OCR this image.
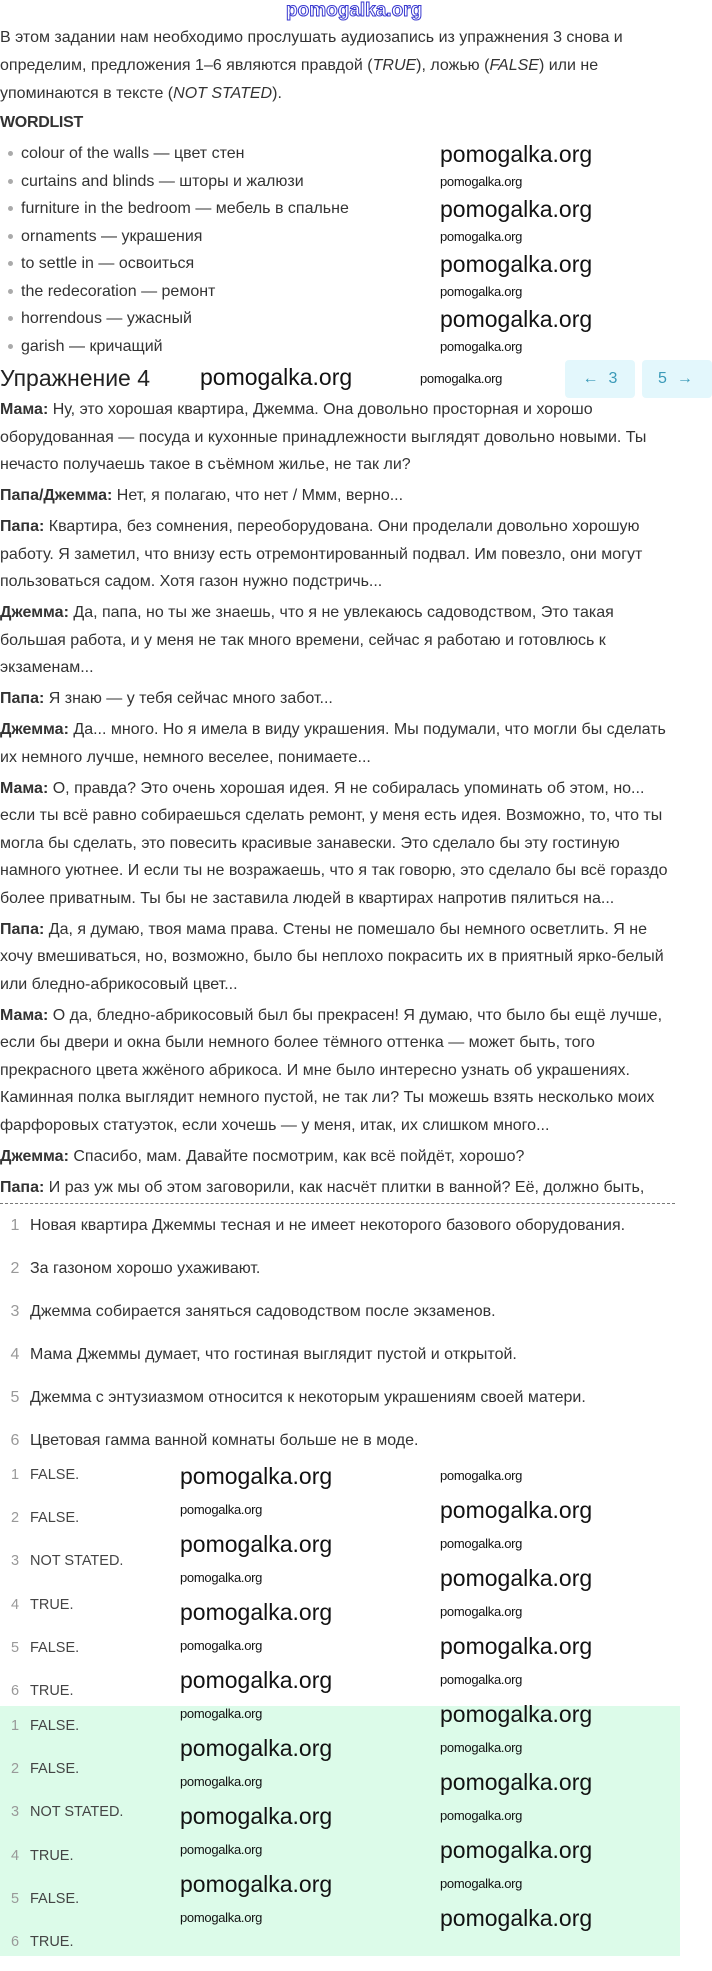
В этом задании нам необходимо прослушать аудиозапись из упражнения 3 снова и определим, предложения 1–6 являются правдой (TRUE), ложью (FALSE) или не упоминаются в тексте (NOT STATED).
WORDLIST
colour of the walls — цвет стен
curtains and blinds — шторы и жалюзи
furniture in the bedroom — мебель в спальне
ornaments — украшения
to settle in — освоиться
the redecoration — ремонт
horrendous — ужасный
garish — кричащий
Упражнение 4	← 3	5 →

Мама: Ну, это хорошая квартира, Джемма. Она довольно просторная и хорошо оборудованная — посуда и кухонные принадлежности выглядят довольно новыми. Ты нечасто получаешь такое в съёмном жилье, не так ли?

Папа/Джемма: Нет, я полагаю, что нет / Ммм, верно...

Папа: Квартира, без сомнения, переоборудована. Они проделали довольно хорошую работу. Я заметил, что внизу есть отремонтированный подвал. Им повезло, они могут пользоваться садом. Хотя газон нужно подстричь...

Джемма: Да, папа, но ты же знаешь, что я не увлекаюсь садоводством, Это такая большая работа, и у меня не так много времени, сейчас я работаю и готовлюсь к экзаменам...

Папа: Я знаю — у тебя сейчас много забот...

Джемма: Да... много. Но я имела в виду украшения. Мы подумали, что могли бы сделать их немного лучше, немного веселее, понимаете...

Мама: О, правда? Это очень хорошая идея. Я не собиралась упоминать об этом, но... если ты всё равно собираешься сделать ремонт, у меня есть идея. Возможно, то, что ты могла бы сделать, это повесить красивые занавески. Это сделало бы эту гостиную намного уютнее. И если ты не возражаешь, что я так говорю, это сделало бы всё гораздо более приватным. Ты бы не заставила людей в квартирах напротив пялиться на...

Папа: Да, я думаю, твоя мама права. Стены не помешало бы немного осветлить. Я не хочу вмешиваться, но, возможно, было бы неплохо покрасить их в приятный ярко-белый или бледно-абрикосовый цвет...

Мама: О да, бледно-абрикосовый был бы прекрасен! Я думаю, что было бы ещё лучше, если бы двери и окна были немного более тёмного оттенка — может быть, того прекрасного цвета жжёного абрикоса. И мне было интересно узнать об украшениях. Каминная полка выглядит немного пустой, не так ли? Ты можешь взять несколько моих фарфоровых статуэток, если хочешь — у меня, итак, их слишком много...

Джемма: Спасибо, мам. Давайте посмотрим, как всё пойдёт, хорошо?

Папа: И раз уж мы об этом заговорили, как насчёт плитки в ванной? Её, должно быть,

1 Новая квартира Джеммы тесная и не имеет некоторого базового оборудования.
2 За газоном хорошо ухаживают.
3 Джемма собирается заняться садоводством после экзаменов.
4 Мама Джеммы думает, что гостиная выглядит пустой и открытой.
5 Джемма с энтузиазмом относится к некоторым украшениям своей матери.
6 Цветовая гамма ванной комнаты больше не в моде.
1 FALSE.
2 FALSE.
3 NOT STATED.
4 TRUE.
5 FALSE.
6 TRUE.
1 FALSE.
2 FALSE.
3 NOT STATED.
4 TRUE.
5 FALSE.
6 TRUE.
pomogalka.org
pomogalka.org	pomogalka.org
pomogalka.org
pomogalka.org
pomogalka.org
pomogalka.org
pomogalka.org
pomogalka.org
pomogalka.org
pomogalka.org
pomogalka.org	pomogalka.org
pomogalka.org	pomogalka.org
pomogalka.org	pomogalka.org
pomogalka.org	pomogalka.org
pomogalka.org	pomogalka.org
pomogalka.org	pomogalka.org
pomogalka.org	pomogalka.org
pomogalka.org	pomogalka.org
pomogalka.org	pomogalka.org
pomogalka.org	pomogalka.org
pomogalka.org	pomogalka.org
pomogalka.org	pomogalka.org
pomogalka.org	pomogalka.org
pomogalka.org	pomogalka.org
